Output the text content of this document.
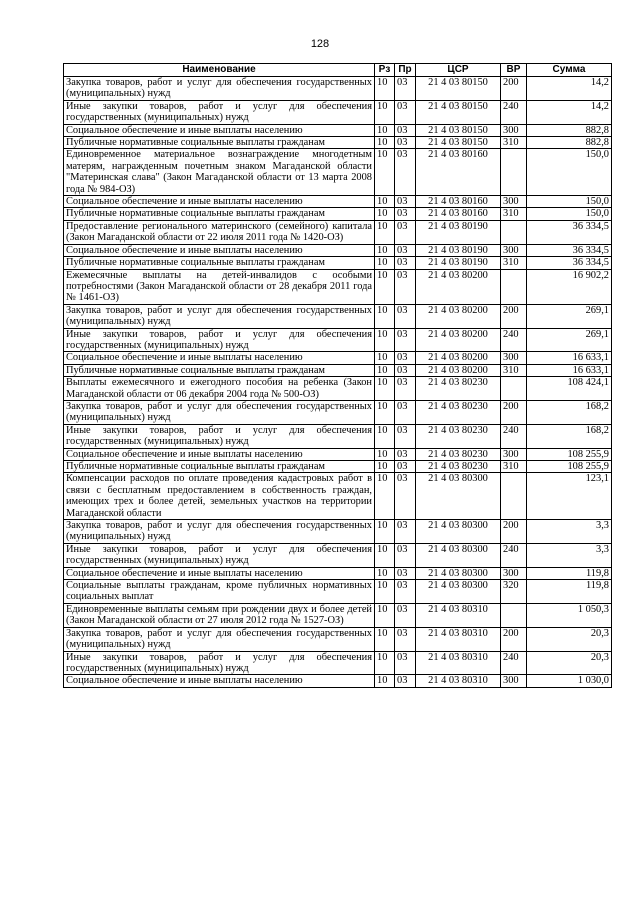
128
Наименование	Рз	Пр	ЦСР	ВР	Сумма
Закупка товаров, работ и услуг для обеспечения государственных (муниципальных) нужд	10	03	21 4 03 80150	200	14,2
Иные закупки товаров, работ и услуг для обеспечения государственных (муниципальных) нужд	10	03	21 4 03 80150	240	14,2
Социальное обеспечение и иные выплаты населению	10	03	21 4 03 80150	300	882,8
Публичные нормативные социальные выплаты гражданам	10	03	21 4 03 80150	310	882,8
Единовременное материальное вознаграждение многодетным матерям, награжденным почетным знаком Магаданской области "Материнская слава" (Закон Магаданской области от 13 марта 2008 года № 984-ОЗ)	10	03	21 4 03 80160		150,0
Социальное обеспечение и иные выплаты населению	10	03	21 4 03 80160	300	150,0
Публичные нормативные социальные выплаты гражданам	10	03	21 4 03 80160	310	150,0
Предоставление регионального материнского (семейного) капитала (Закон Магаданской области от 22 июля 2011 года № 1420-ОЗ)	10	03	21 4 03 80190		36 334,5
Социальное обеспечение и иные выплаты населению	10	03	21 4 03 80190	300	36 334,5
Публичные нормативные социальные выплаты гражданам	10	03	21 4 03 80190	310	36 334,5
Ежемесячные выплаты на детей-инвалидов с особыми потребностями (Закон Магаданской области от 28 декабря 2011 года № 1461-ОЗ)	10	03	21 4 03 80200		16 902,2
Закупка товаров, работ и услуг для обеспечения государственных (муниципальных) нужд	10	03	21 4 03 80200	200	269,1
Иные закупки товаров, работ и услуг для обеспечения государственных (муниципальных) нужд	10	03	21 4 03 80200	240	269,1
Социальное обеспечение и иные выплаты населению	10	03	21 4 03 80200	300	16 633,1
Публичные нормативные социальные выплаты гражданам	10	03	21 4 03 80200	310	16 633,1
Выплаты ежемесячного и ежегодного пособия на ребенка (Закон Магаданской области от 06 декабря 2004 года № 500-ОЗ)	10	03	21 4 03 80230		108 424,1
Закупка товаров, работ и услуг для обеспечения государственных (муниципальных) нужд	10	03	21 4 03 80230	200	168,2
Иные закупки товаров, работ и услуг для обеспечения государственных (муниципальных) нужд	10	03	21 4 03 80230	240	168,2
Социальное обеспечение и иные выплаты населению	10	03	21 4 03 80230	300	108 255,9
Публичные нормативные социальные выплаты гражданам	10	03	21 4 03 80230	310	108 255,9
Компенсации расходов по оплате проведения кадастровых работ в связи с бесплатным предоставлением в собственность граждан, имеющих трех и более детей, земельных участков на территории Магаданской области	10	03	21 4 03 80300		123,1
Закупка товаров, работ и услуг для обеспечения государственных (муниципальных) нужд	10	03	21 4 03 80300	200	3,3
Иные закупки товаров, работ и услуг для обеспечения государственных (муниципальных) нужд	10	03	21 4 03 80300	240	3,3
Социальное обеспечение и иные выплаты населению	10	03	21 4 03 80300	300	119,8
Социальные выплаты гражданам, кроме публичных нормативных социальных выплат	10	03	21 4 03 80300	320	119,8
Единовременные выплаты семьям при рождении двух и более детей (Закон Магаданской области от 27 июля 2012 года № 1527-ОЗ)	10	03	21 4 03 80310		1 050,3
Закупка товаров, работ и услуг для обеспечения государственных (муниципальных) нужд	10	03	21 4 03 80310	200	20,3
Иные закупки товаров, работ и услуг для обеспечения государственных (муниципальных) нужд	10	03	21 4 03 80310	240	20,3
Социальное обеспечение и иные выплаты населению	10	03	21 4 03 80310	300	1 030,0
